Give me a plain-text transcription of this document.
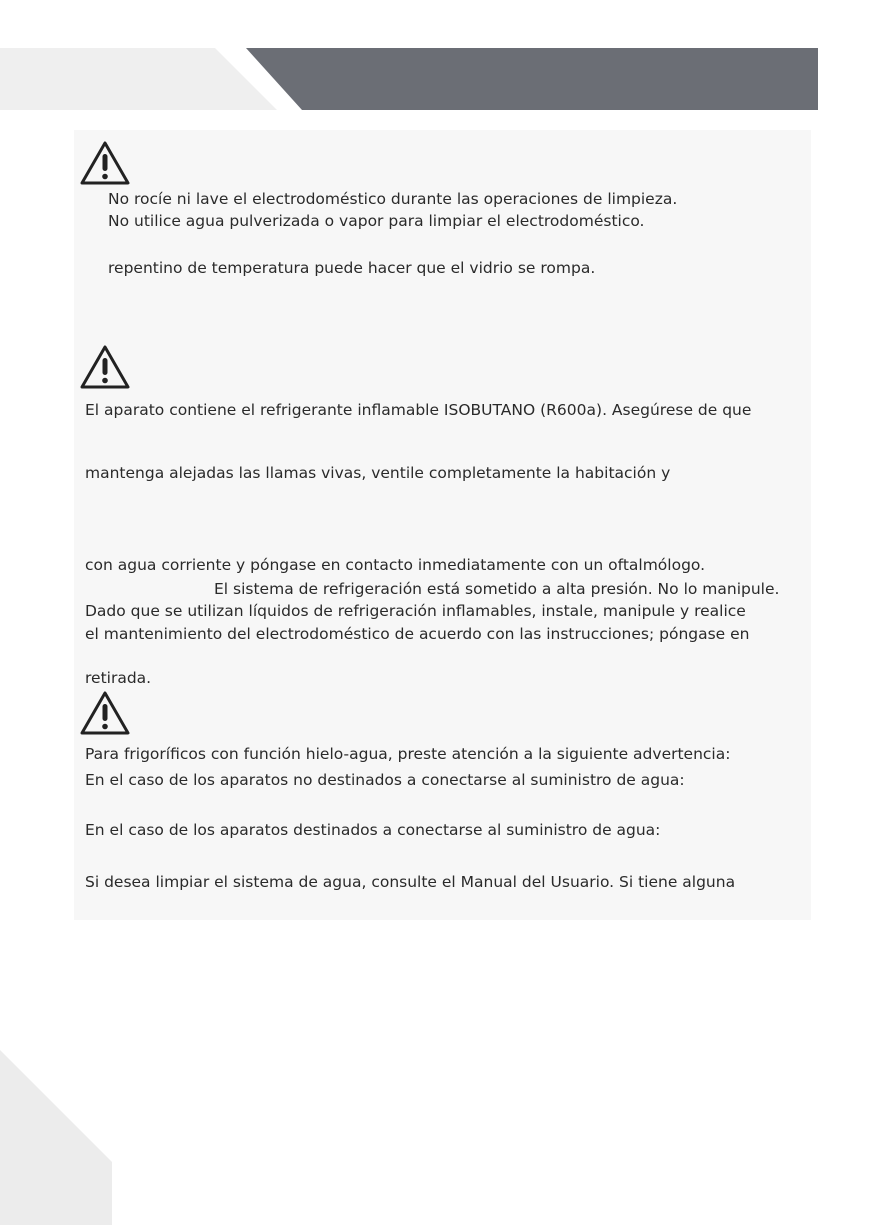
No rocíe ni lave el electrodoméstico durante las operaciones de limpieza.
No utilice agua pulverizada o vapor para limpiar el electrodoméstico.
repentino de temperatura puede hacer que el vidrio se rompa.
El aparato contiene el refrigerante inflamable ISOBUTANO (R600a). Asegúrese de que
mantenga alejadas las llamas vivas, ventile completamente la habitación y
con agua corriente y póngase en contacto inmediatamente con un oftalmólogo.
El sistema de refrigeración está sometido a alta presión. No lo manipule.
Dado que se utilizan líquidos de refrigeración inflamables, instale, manipule y realice
el mantenimiento del electrodoméstico de acuerdo con las instrucciones; póngase en
retirada.
Para frigoríficos con función hielo-agua, preste atención a la siguiente advertencia:
En el caso de los aparatos no destinados a conectarse al suministro de agua:
En el caso de los aparatos destinados a conectarse al suministro de agua:
Si desea limpiar el sistema de agua, consulte el Manual del Usuario. Si tiene alguna
